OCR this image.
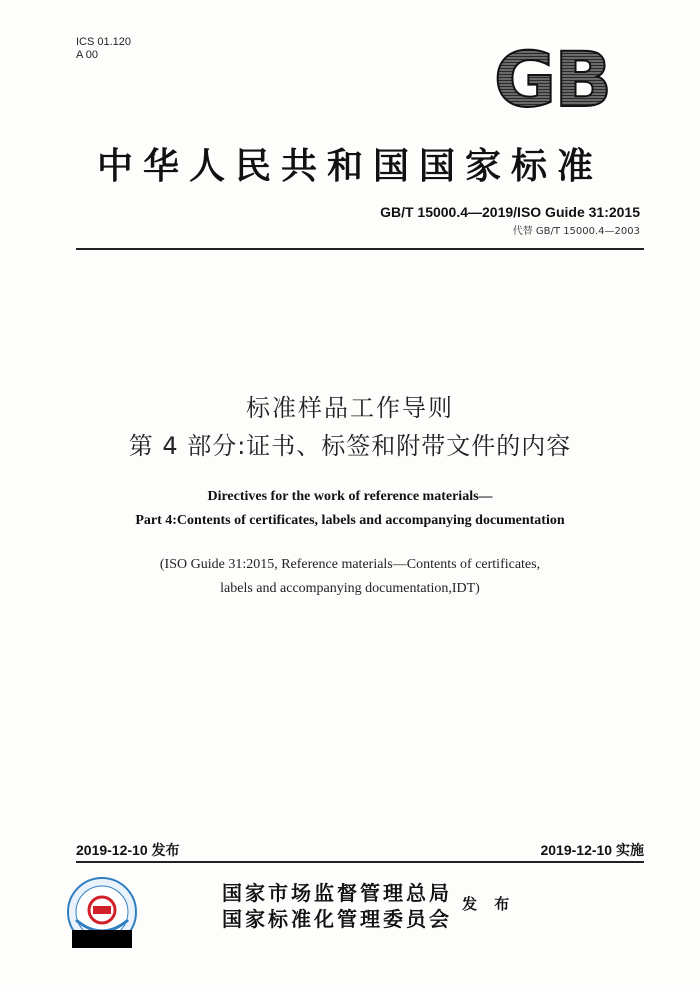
ICS 01.120
A 00	GB
中华人民共和国国家标准
GB/T 15000.4—2019/ISO Guide 31:2015
代替 GB/T 15000.4—2003
标准样品工作导则
第 4 部分:证书、标签和附带文件的内容
Directives for the work of reference materials—
Part 4:Contents of certificates, labels and accompanying documentation
(ISO Guide 31:2015, Reference materials—Contents of certificates,
labels and accompanying documentation,IDT)
2019-12-10 发布	2019-12-10 实施
国家市场监督管理总局
国家标准化管理委员会
发 布
